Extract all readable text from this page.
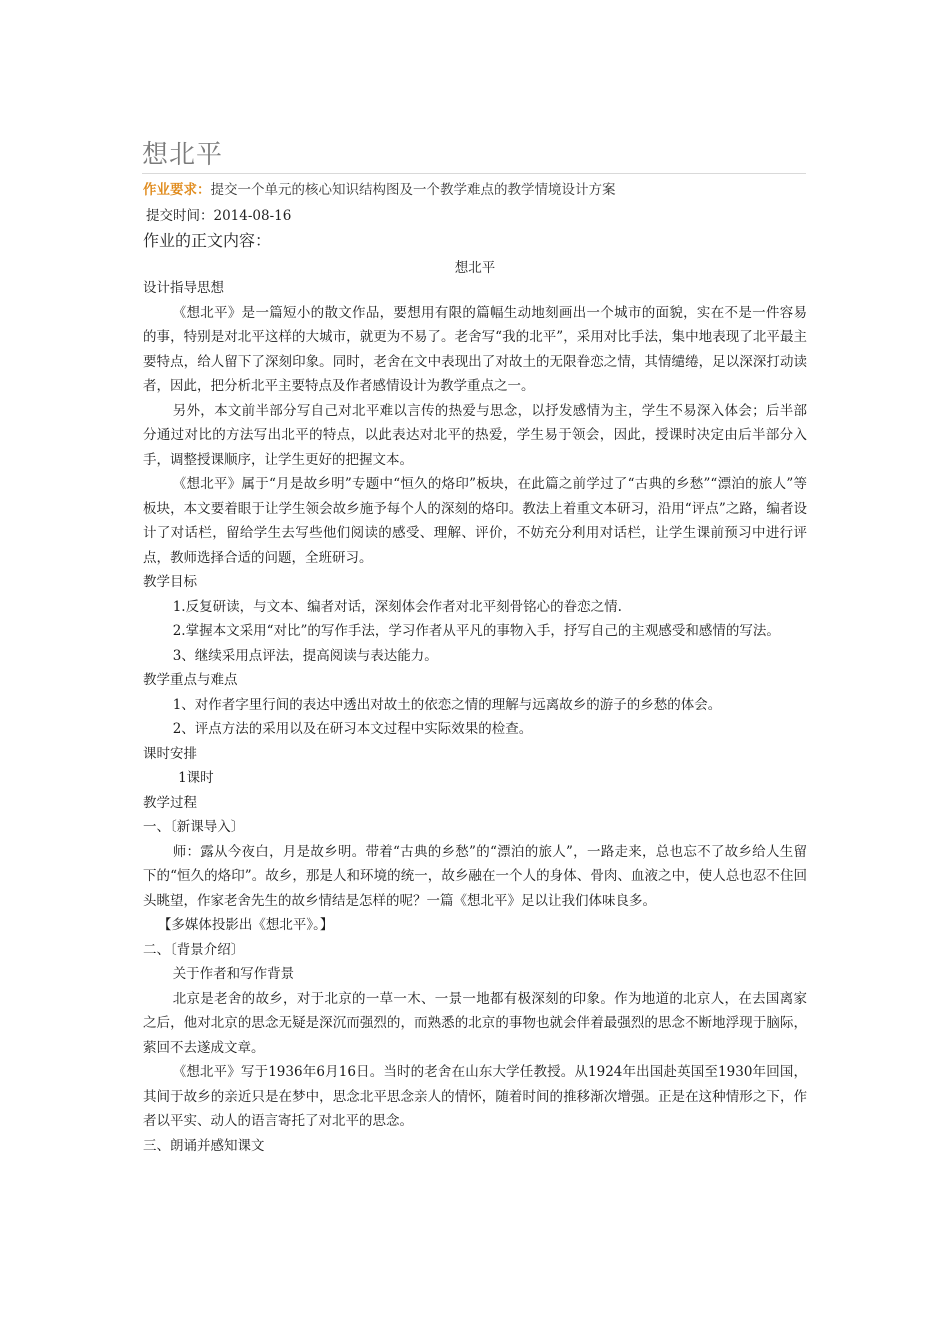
想北平
作业要求：提交一个单元的核心知识结构图及一个教学难点的教学情境设计方案
提交时间：2014-08-16
作业的正文内容：
想北平

设计指导思想

《想北平》是一篇短小的散文作品，要想用有限的篇幅生动地刻画出一个城市的面貌，实在不是一件容易的事，特别是对北平这样的大城市，就更为不易了。老舍写“我的北平”，采用对比手法，集中地表现了北平最主要特点，给人留下了深刻印象。同时，老舍在文中表现出了对故土的无限眷恋之情，其情缱绻，足以深深打动读者，因此，把分析北平主要特点及作者感情设计为教学重点之一。

另外，本文前半部分写自己对北平难以言传的热爱与思念，以抒发感情为主，学生不易深入体会；后半部分通过对比的方法写出北平的特点，以此表达对北平的热爱，学生易于领会，因此，授课时决定由后半部分入手，调整授课顺序，让学生更好的把握文本。

《想北平》属于“月是故乡明”专题中“恒久的烙印”板块，在此篇之前学过了“古典的乡愁”“漂泊的旅人”等板块，本文要着眼于让学生领会故乡施予每个人的深刻的烙印。教法上着重文本研习，沿用“评点”之路，编者设计了对话栏，留给学生去写些他们阅读的感受、理解、评价，不妨充分利用对话栏，让学生课前预习中进行评点，教师选择合适的问题，全班研习。

教学目标

1.反复研读，与文本、编者对话，深刻体会作者对北平刻骨铭心的眷恋之情.

2.掌握本文采用“对比”的写作手法，学习作者从平凡的事物入手，抒写自己的主观感受和感情的写法。

3、继续采用点评法，提高阅读与表达能力。

教学重点与难点

1、对作者字里行间的表达中透出对故土的依恋之情的理解与远离故乡的游子的乡愁的体会。

2、评点方法的采用以及在研习本文过程中实际效果的检查。

课时安排

1课时

教学过程

一、〔新课导入〕

师：露从今夜白，月是故乡明。带着“古典的乡愁”的“漂泊的旅人”，一路走来，总也忘不了故乡给人生留下的“恒久的烙印”。故乡，那是人和环境的统一，故乡融在一个人的身体、骨肉、血液之中，使人总也忍不住回头眺望，作家老舍先生的故乡情结是怎样的呢？一篇《想北平》足以让我们体味良多。

【多媒体投影出《想北平》。】

二、〔背景介绍〕

关于作者和写作背景

北京是老舍的故乡，对于北京的一草一木、一景一地都有极深刻的印象。作为地道的北京人，在去国离家之后，他对北京的思念无疑是深沉而强烈的，而熟悉的北京的事物也就会伴着最强烈的思念不断地浮现于脑际，萦回不去遂成文章。

《想北平》写于1936年6月16日。当时的老舍在山东大学任教授。从1924年出国赴英国至1930年回国，其间于故乡的亲近只是在梦中，思念北平思念亲人的情怀，随着时间的推移渐次增强。正是在这种情形之下，作者以平实、动人的语言寄托了对北平的思念。

三、朗诵并感知课文
